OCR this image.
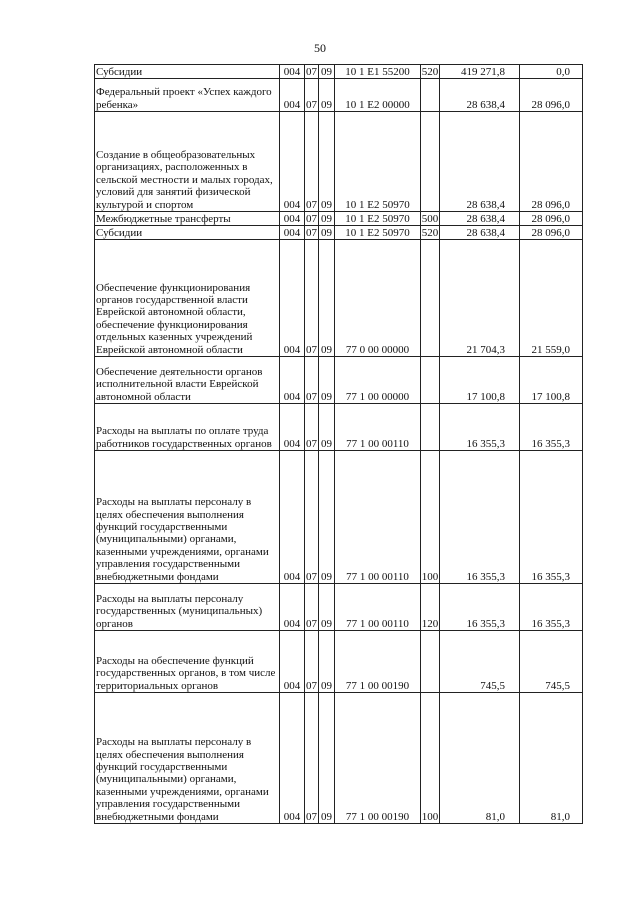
50
Субсидии	004	07	09	10 1 Е1 55200	520	419 271,8	0,0
Федеральный проект «Успех каждого ребенка»	004	07	09	10 1 Е2 00000		28 638,4	28 096,0
Создание в общеобразовательных организациях, расположенных в сельской местности и малых городах, условий для занятий физической культурой и спортом	004	07	09	10 1 Е2 50970		28 638,4	28 096,0
Межбюджетные трансферты	004	07	09	10 1 Е2 50970	500	28 638,4	28 096,0
Субсидии	004	07	09	10 1 Е2 50970	520	28 638,4	28 096,0
Обеспечение функционирования органов государственной власти Еврейской автономной области, обеспечение функционирования отдельных казенных учреждений Еврейской автономной области	004	07	09	77 0 00 00000		21 704,3	21 559,0
Обеспечение деятельности органов исполнительной власти Еврейской автономной области	004	07	09	77 1 00 00000		17 100,8	17 100,8
Расходы на выплаты по оплате труда работников государственных органов	004	07	09	77 1 00 00110		16 355,3	16 355,3
Расходы на выплаты персоналу в целях обеспечения выполнения функций государственными (муниципальными) органами, казенными учреждениями, органами управления государственными внебюджетными фондами	004	07	09	77 1 00 00110	100	16 355,3	16 355,3
Расходы на выплаты персоналу государственных (муниципальных) органов	004	07	09	77 1 00 00110	120	16 355,3	16 355,3
Расходы на обеспечение функций государственных органов, в том числе территориальных органов	004	07	09	77 1 00 00190		745,5	745,5
Расходы на выплаты персоналу в целях обеспечения выполнения функций государственными (муниципальными) органами, казенными учреждениями, органами управления государственными внебюджетными фондами	004	07	09	77 1 00 00190	100	81,0	81,0
